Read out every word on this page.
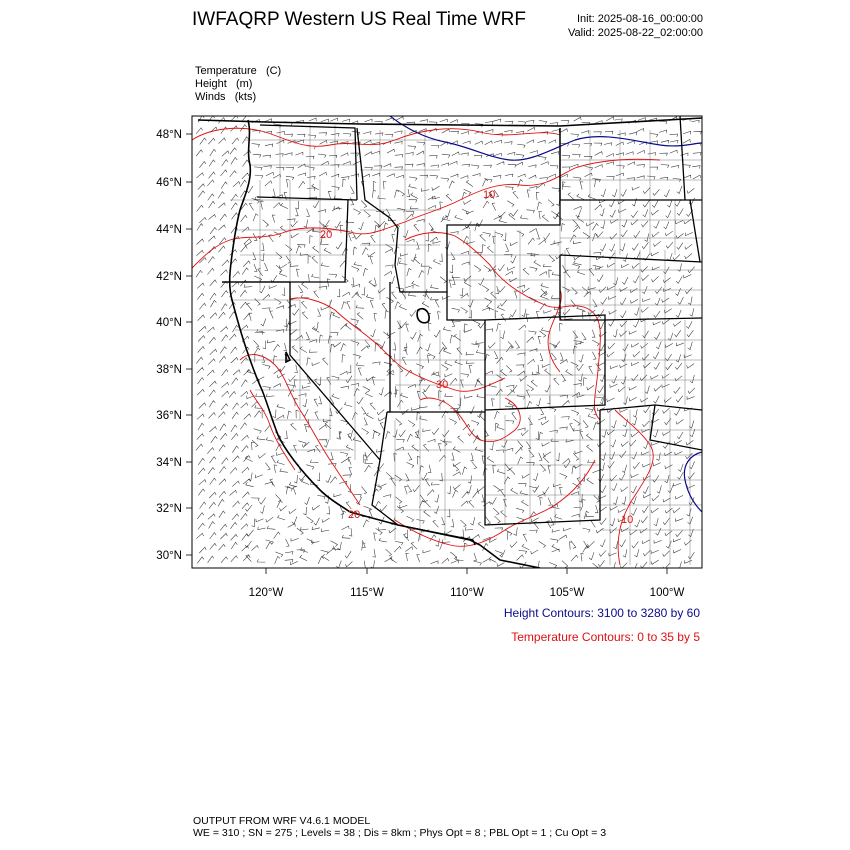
IWFAQRP Western US Real Time WRF	Init: 2025-08-16_00:00:00
Valid: 2025-08-22_02:00:00
Temperature (C)
Height (m)
Winds (kts)
10
20
30
20	10
48°N
46°N
44°N
42°N
40°N
38°N
36°N
34°N
32°N
30°N
120°W	115°W	110°W	105°W	100°W
Height Contours: 3100 to 3280 by 60
Temperature Contours: 0 to 35 by 5
OUTPUT FROM WRF V4.6.1 MODEL
WE = 310 ; SN = 275 ; Levels = 38 ; Dis = 8km ; Phys Opt = 8 ; PBL Opt = 1 ; Cu Opt = 3
